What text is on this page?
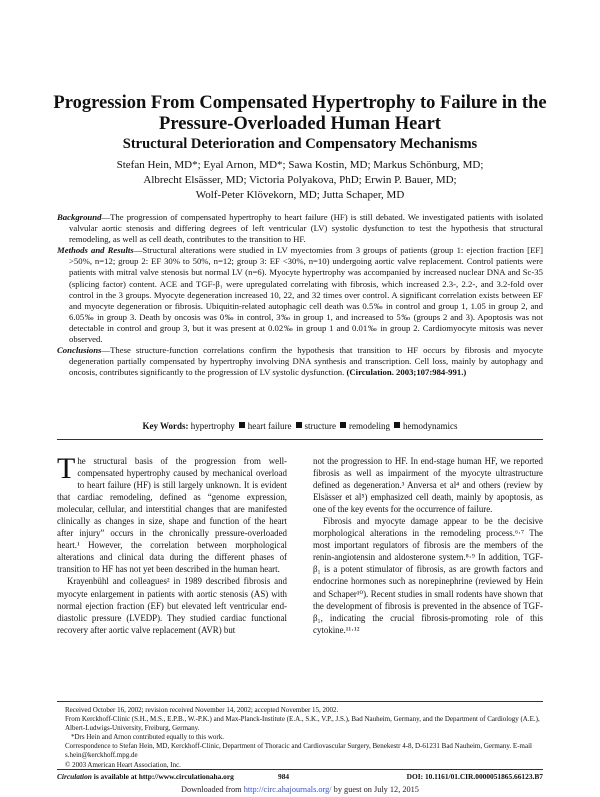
Progression From Compensated Hypertrophy to Failure in the Pressure-Overloaded Human Heart
Structural Deterioration and Compensatory Mechanisms
Stefan Hein, MD*; Eyal Arnon, MD*; Sawa Kostin, MD; Markus Schönburg, MD;
Albrecht Elsässer, MD; Victoria Polyakova, PhD; Erwin P. Bauer, MD;
Wolf-Peter Klövekorn, MD; Jutta Schaper, MD

Background—The progression of compensated hypertrophy to heart failure (HF) is still debated. We investigated patients with isolated valvular aortic stenosis and differing degrees of left ventricular (LV) systolic dysfunction to test the hypothesis that structural remodeling, as well as cell death, contributes to the transition to HF.

Methods and Results—Structural alterations were studied in LV myectomies from 3 groups of patients (group 1: ejection fraction [EF] >50%, n=12; group 2: EF 30% to 50%, n=12; group 3: EF <30%, n=10) undergoing aortic valve replacement. Control patients were patients with mitral valve stenosis but normal LV (n=6). Myocyte hypertrophy was accompanied by increased nuclear DNA and Sc-35 (splicing factor) content. ACE and TGF-β₁ were upregulated correlating with fibrosis, which increased 2.3-, 2.2-, and 3.2-fold over control in the 3 groups. Myocyte degeneration increased 10, 22, and 32 times over control. A significant correlation exists between EF and myocyte degeneration or fibrosis. Ubiquitin-related autophagic cell death was 0.5‰ in control and group 1, 1.05 in group 2, and 6.05‰ in group 3. Death by oncosis was 0‰ in control, 3‰ in group 1, and increased to 5‰ (groups 2 and 3). Apoptosis was not detectable in control and group 3, but it was present at 0.02‰ in group 1 and 0.01‰ in group 2. Cardiomyocyte mitosis was never observed.

Conclusions—These structure-function correlations confirm the hypothesis that transition to HF occurs by fibrosis and myocyte degeneration partially compensated by hypertrophy involving DNA synthesis and transcription. Cell loss, mainly by autophagy and oncosis, contributes significantly to the progression of LV systolic dysfunction. (Circulation. 2003;107:984-991.)

Key Words: hypertrophy heart failure structure remodeling hemodynamics

The structural basis of the progression from well-compensated hypertrophy caused by mechanical overload to heart failure (HF) is still largely unknown. It is evident that cardiac remodeling, defined as “genome expression, molecular, cellular, and interstitial changes that are manifested clinically as changes in size, shape and function of the heart after injury” occurs in the chronically pressure-overloaded heart.¹ However, the correlation between morphological alterations and clinical data during the different phases of transition to HF has not yet been described in the human heart.

Krayenbühl and colleagues² in 1989 described fibrosis and myocyte enlargement in patients with aortic stenosis (AS) with normal ejection fraction (EF) but elevated left ventricular end-diastolic pressure (LVEDP). They studied cardiac functional recovery after aortic valve replacement (AVR) but

not the progression to HF. In end-stage human HF, we reported fibrosis as well as impairment of the myocyte ultrastructure defined as degeneration.³ Anversa et al⁴ and others (review by Elsässer et al⁵) emphasized cell death, mainly by apoptosis, as one of the key events for the occurrence of failure.

Fibrosis and myocyte damage appear to be the decisive morphological alterations in the remodeling process.⁶·⁷ The most important regulators of fibrosis are the members of the renin-angiotensin and aldosterone system.⁸·⁹ In addition, TGF-β₁ is a potent stimulator of fibrosis, as are growth factors and endocrine hormones such as norepinephrine (reviewed by Hein and Schaper¹⁰). Recent studies in small rodents have shown that the development of fibrosis is prevented in the absence of TGF-β₁, indicating the crucial fibrosis-promoting role of this cytokine.¹¹·¹²

Received October 16, 2002; revision received November 14, 2002; accepted November 15, 2002.
From Kerckhoff-Clinic (S.H., M.S., E.P.B., W.-P.K.) and Max-Planck-Institute (E.A., S.K., V.P., J.S.), Bad Nauheim, Germany, and the Department of Cardiology (A.E.), Albert-Ludwigs-University, Freiburg, Germany.
*Drs Hein and Arnon contributed equally to this work.
Correspondence to Stefan Hein, MD, Kerckhoff-Clinic, Department of Thoracic and Cardiovascular Surgery, Benekestr 4-8, D-61231 Bad Nauheim, Germany. E-mail s.hein@kerckhoff.mpg.de
© 2003 American Heart Association, Inc.
Circulation is available at http://www.circulationaha.org	984	DOI: 10.1161/01.CIR.0000051865.66123.B7
Downloaded from http://circ.ahajournals.org/ by guest on July 12, 2015
